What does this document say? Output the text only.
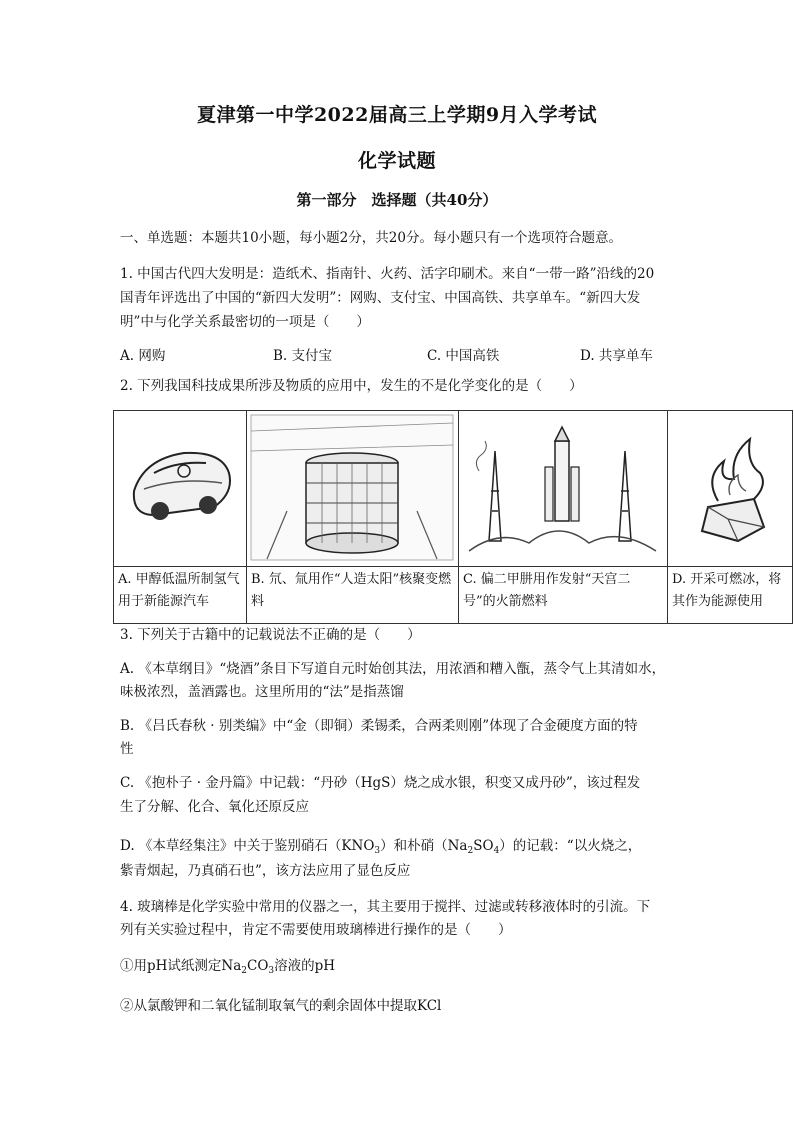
夏津第一中学2022届高三上学期9月入学考试
化学试题
第一部分　选择题（共40分）
一、单选题：本题共10小题，每小题2分，共20分。每小题只有一个选项符合题意。
1. 中国古代四大发明是：造纸术、指南针、火药、活字印刷术。来自“一带一路”沿线的20
国青年评选出了中国的“新四大发明”：网购、支付宝、中国高铁、共享单车。“新四大发
明”中与化学关系最密切的一项是（　　）
A. 网购	B. 支付宝	C. 中国高铁	D. 共享单车
2. 下列我国科技成果所涉及物质的应用中，发生的不是化学变化的是（　　）

A. 甲醇低温所制氢气用于新能源汽车	B. 氘、氚用作“人造太阳”核聚变燃料	C. 偏二甲肼用作发射“天宫二号”的火箭燃料	D. 开采可燃冰，将其作为能源使用
3. 下列关于古籍中的记载说法不正确的是（　　）
A. 《本草纲目》“烧酒”条目下写道自元时始创其法，用浓酒和糟入甑，蒸令气上其清如水，
味极浓烈，盖酒露也。这里所用的“法”是指蒸馏
B. 《吕氏春秋 · 别类编》中“金（即铜）柔锡柔，合两柔则刚”体现了合金硬度方面的特
性
C. 《抱朴子 · 金丹篇》中记载：“丹砂（HgS）烧之成水银，积变又成丹砂”，该过程发
生了分解、化合、氧化还原反应
D. 《本草经集注》中关于鉴别硝石$(KNO_3)$和朴硝$(Na_2SO_4)$的记载：“以火烧之，
紫青烟起，乃真硝石也”，该方法应用了显色反应
4. 玻璃棒是化学实验中常用的仪器之一，其主要用于搅拌、过滤或转移液体时的引流。下
列有关实验过程中，肯定不需要使用玻璃棒进行操作的是（　　）
①用pH试纸测定$Na_2CO_3$溶液的pH
②从氯酸钾和二氧化锰制取氧气的剩余固体中提取KCl
